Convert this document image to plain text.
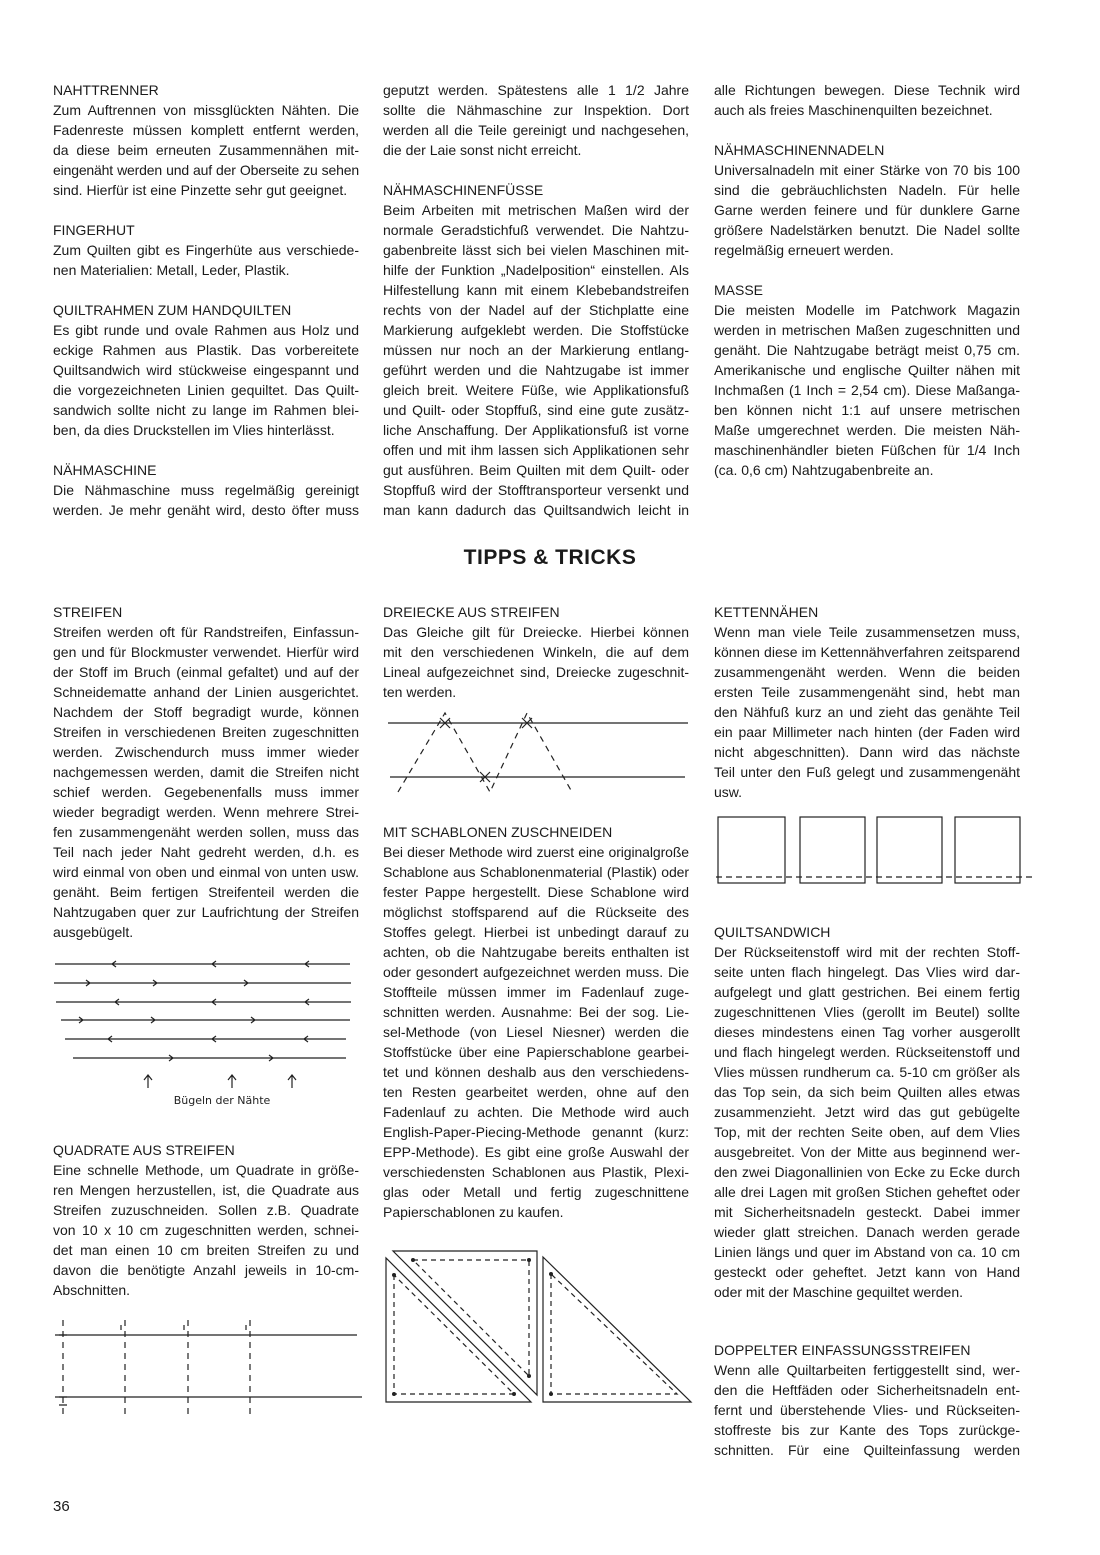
NAHTTRENNER
Zum Auftrennen von missglückten Nähten. Die
Fadenreste müssen komplett entfernt werden,
da diese beim erneuten Zusammennähen mit-
eingenäht werden und auf der Oberseite zu sehen
sind. Hierfür ist eine Pinzette sehr gut geeignet.
FINGERHUT
Zum Quilten gibt es Fingerhüte aus verschiede-
nen Materialien: Metall, Leder, Plastik.
QUILTRAHMEN ZUM HANDQUILTEN
Es gibt runde und ovale Rahmen aus Holz und
eckige Rahmen aus Plastik. Das vorbereitete
Quiltsandwich wird stückweise eingespannt und
die vorgezeichneten Linien gequiltet. Das Quilt-
sandwich sollte nicht zu lange im Rahmen blei-
ben, da dies Druckstellen im Vlies hinterlässt.
NÄHMASCHINE
Die Nähmaschine muss regelmäßig gereinigt
werden. Je mehr genäht wird, desto öfter muss
geputzt werden. Spätestens alle 1 1/2 Jahre
sollte die Nähmaschine zur Inspektion. Dort
werden all die Teile gereinigt und nachgesehen,
die der Laie sonst nicht erreicht.
NÄHMASCHINENFÜSSE
Beim Arbeiten mit metrischen Maßen wird der
normale Geradstichfuß verwendet. Die Nahtzu-
gabenbreite lässt sich bei vielen Maschinen mit-
hilfe der Funktion „Nadelposition“ einstellen. Als
Hilfestellung kann mit einem Klebebandstreifen
rechts von der Nadel auf der Stichplatte eine
Markierung aufgeklebt werden. Die Stoffstücke
müssen nur noch an der Markierung entlang-
geführt werden und die Nahtzugabe ist immer
gleich breit. Weitere Füße, wie Applikationsfuß
und Quilt- oder Stopffuß, sind eine gute zusätz-
liche Anschaffung. Der Applikationsfuß ist vorne
offen und mit ihm lassen sich Applikationen sehr
gut ausführen. Beim Quilten mit dem Quilt- oder
Stopffuß wird der Stofftransporteur versenkt und
man kann dadurch das Quiltsandwich leicht in
alle Richtungen bewegen. Diese Technik wird
auch als freies Maschinenquilten bezeichnet.
NÄHMASCHINENNADELN
Universalnadeln mit einer Stärke von 70 bis 100
sind die gebräuchlichsten Nadeln. Für helle
Garne werden feinere und für dunklere Garne
größere Nadelstärken benutzt. Die Nadel sollte
regelmäßig erneuert werden.
MASSE
Die meisten Modelle im Patchwork Magazin
werden in metrischen Maßen zugeschnitten und
genäht. Die Nahtzugabe beträgt meist 0,75 cm.
Amerikanische und englische Quilter nähen mit
Inchmaßen (1 Inch = 2,54 cm). Diese Maßanga-
ben können nicht 1:1 auf unsere metrischen
Maße umgerechnet werden. Die meisten Näh-
maschinenhändler bieten Füßchen für 1/4 Inch
(ca. 0,6 cm) Nahtzugabenbreite an.
TIPPS & TRICKS
STREIFEN
Streifen werden oft für Randstreifen, Einfassun-
gen und für Blockmuster verwendet. Hierfür wird
der Stoff im Bruch (einmal gefaltet) und auf der
Schneidematte anhand der Linien ausgerichtet.
Nachdem der Stoff begradigt wurde, können
Streifen in verschiedenen Breiten zugeschnitten
werden. Zwischendurch muss immer wieder
nachgemessen werden, damit die Streifen nicht
schief werden. Gegebenenfalls muss immer
wieder begradigt werden. Wenn mehrere Strei-
fen zusammengenäht werden sollen, muss das
Teil nach jeder Naht gedreht werden, d.h. es
wird einmal von oben und einmal von unten usw.
genäht. Beim fertigen Streifenteil werden die
Nahtzugaben quer zur Laufrichtung der Streifen
ausgebügelt.
QUADRATE AUS STREIFEN
Eine schnelle Methode, um Quadrate in größe-
ren Mengen herzustellen, ist, die Quadrate aus
Streifen zuzuschneiden. Sollen z.B. Quadrate
von 10 x 10 cm zugeschnitten werden, schnei-
det man einen 10 cm breiten Streifen zu und
davon die benötigte Anzahl jeweils in 10-cm-
Abschnitten.
DREIECKE AUS STREIFEN
Das Gleiche gilt für Dreiecke. Hierbei können
mit den verschiedenen Winkeln, die auf dem
Lineal aufgezeichnet sind, Dreiecke zugeschnit-
ten werden.
MIT SCHABLONEN ZUSCHNEIDEN
Bei dieser Methode wird zuerst eine originalgroße
Schablone aus Schablonenmaterial (Plastik) oder
fester Pappe hergestellt. Diese Schablone wird
möglichst stoffsparend auf die Rückseite des
Stoffes gelegt. Hierbei ist unbedingt darauf zu
achten, ob die Nahtzugabe bereits enthalten ist
oder gesondert aufgezeichnet werden muss. Die
Stoffteile müssen immer im Fadenlauf zuge-
schnitten werden. Ausnahme: Bei der sog. Lie-
sel-Methode (von Liesel Niesner) werden die
Stoffstücke über eine Papierschablone gearbei-
tet und können deshalb aus den verschiedens-
ten Resten gearbeitet werden, ohne auf den
Fadenlauf zu achten. Die Methode wird auch
English-Paper-Piecing-Methode genannt (kurz:
EPP-Methode). Es gibt eine große Auswahl der
verschiedensten Schablonen aus Plastik, Plexi-
glas oder Metall und fertig zugeschnittene
Papierschablonen zu kaufen.
KETTENNÄHEN
Wenn man viele Teile zusammensetzen muss,
können diese im Kettennähverfahren zeitsparend
zusammengenäht werden. Wenn die beiden
ersten Teile zusammengenäht sind, hebt man
den Nähfuß kurz an und zieht das genähte Teil
ein paar Millimeter nach hinten (der Faden wird
nicht abgeschnitten). Dann wird das nächste
Teil unter den Fuß gelegt und zusammengenäht
usw.
QUILTSANDWICH
Der Rückseitenstoff wird mit der rechten Stoff-
seite unten flach hingelegt. Das Vlies wird dar-
aufgelegt und glatt gestrichen. Bei einem fertig
zugeschnittenen Vlies (gerollt im Beutel) sollte
dieses mindestens einen Tag vorher ausgerollt
und flach hingelegt werden. Rückseitenstoff und
Vlies müssen rundherum ca. 5-10 cm größer als
das Top sein, da sich beim Quilten alles etwas
zusammenzieht. Jetzt wird das gut gebügelte
Top, mit der rechten Seite oben, auf dem Vlies
ausgebreitet. Von der Mitte aus beginnend wer-
den zwei Diagonallinien von Ecke zu Ecke durch
alle drei Lagen mit großen Stichen geheftet oder
mit Sicherheitsnadeln gesteckt. Dabei immer
wieder glatt streichen. Danach werden gerade
Linien längs und quer im Abstand von ca. 10 cm
gesteckt oder geheftet. Jetzt kann von Hand
oder mit der Maschine gequiltet werden.
DOPPELTER EINFASSUNGSSTREIFEN
Wenn alle Quiltarbeiten fertiggestellt sind, wer-
den die Heftfäden oder Sicherheitsnadeln ent-
fernt und überstehende Vlies- und Rückseiten-
stoffreste bis zur Kante des Tops zurückge-
schnitten. Für eine Quilteinfassung werden
36
Bügeln der Nähte
